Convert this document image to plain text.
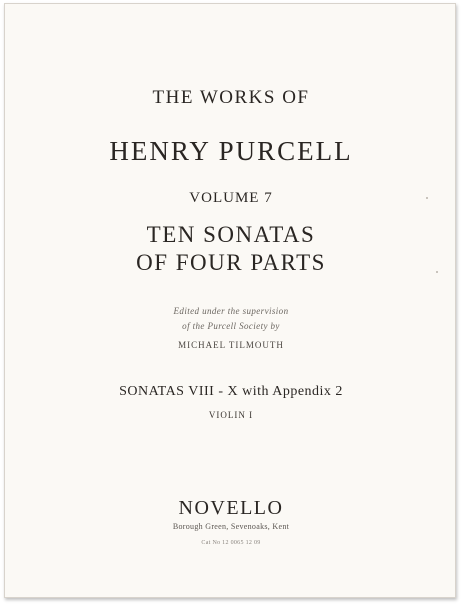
THE WORKS OF

HENRY PURCELL

VOLUME 7

TEN SONATAS

OF FOUR PARTS

Edited under the supervision

of the Purcell Society by

MICHAEL TILMOUTH

SONATAS VIII - X with Appendix 2

VIOLIN I

NOVELLO

Borough Green, Sevenoaks, Kent

Cat No 12 0065 12 09
